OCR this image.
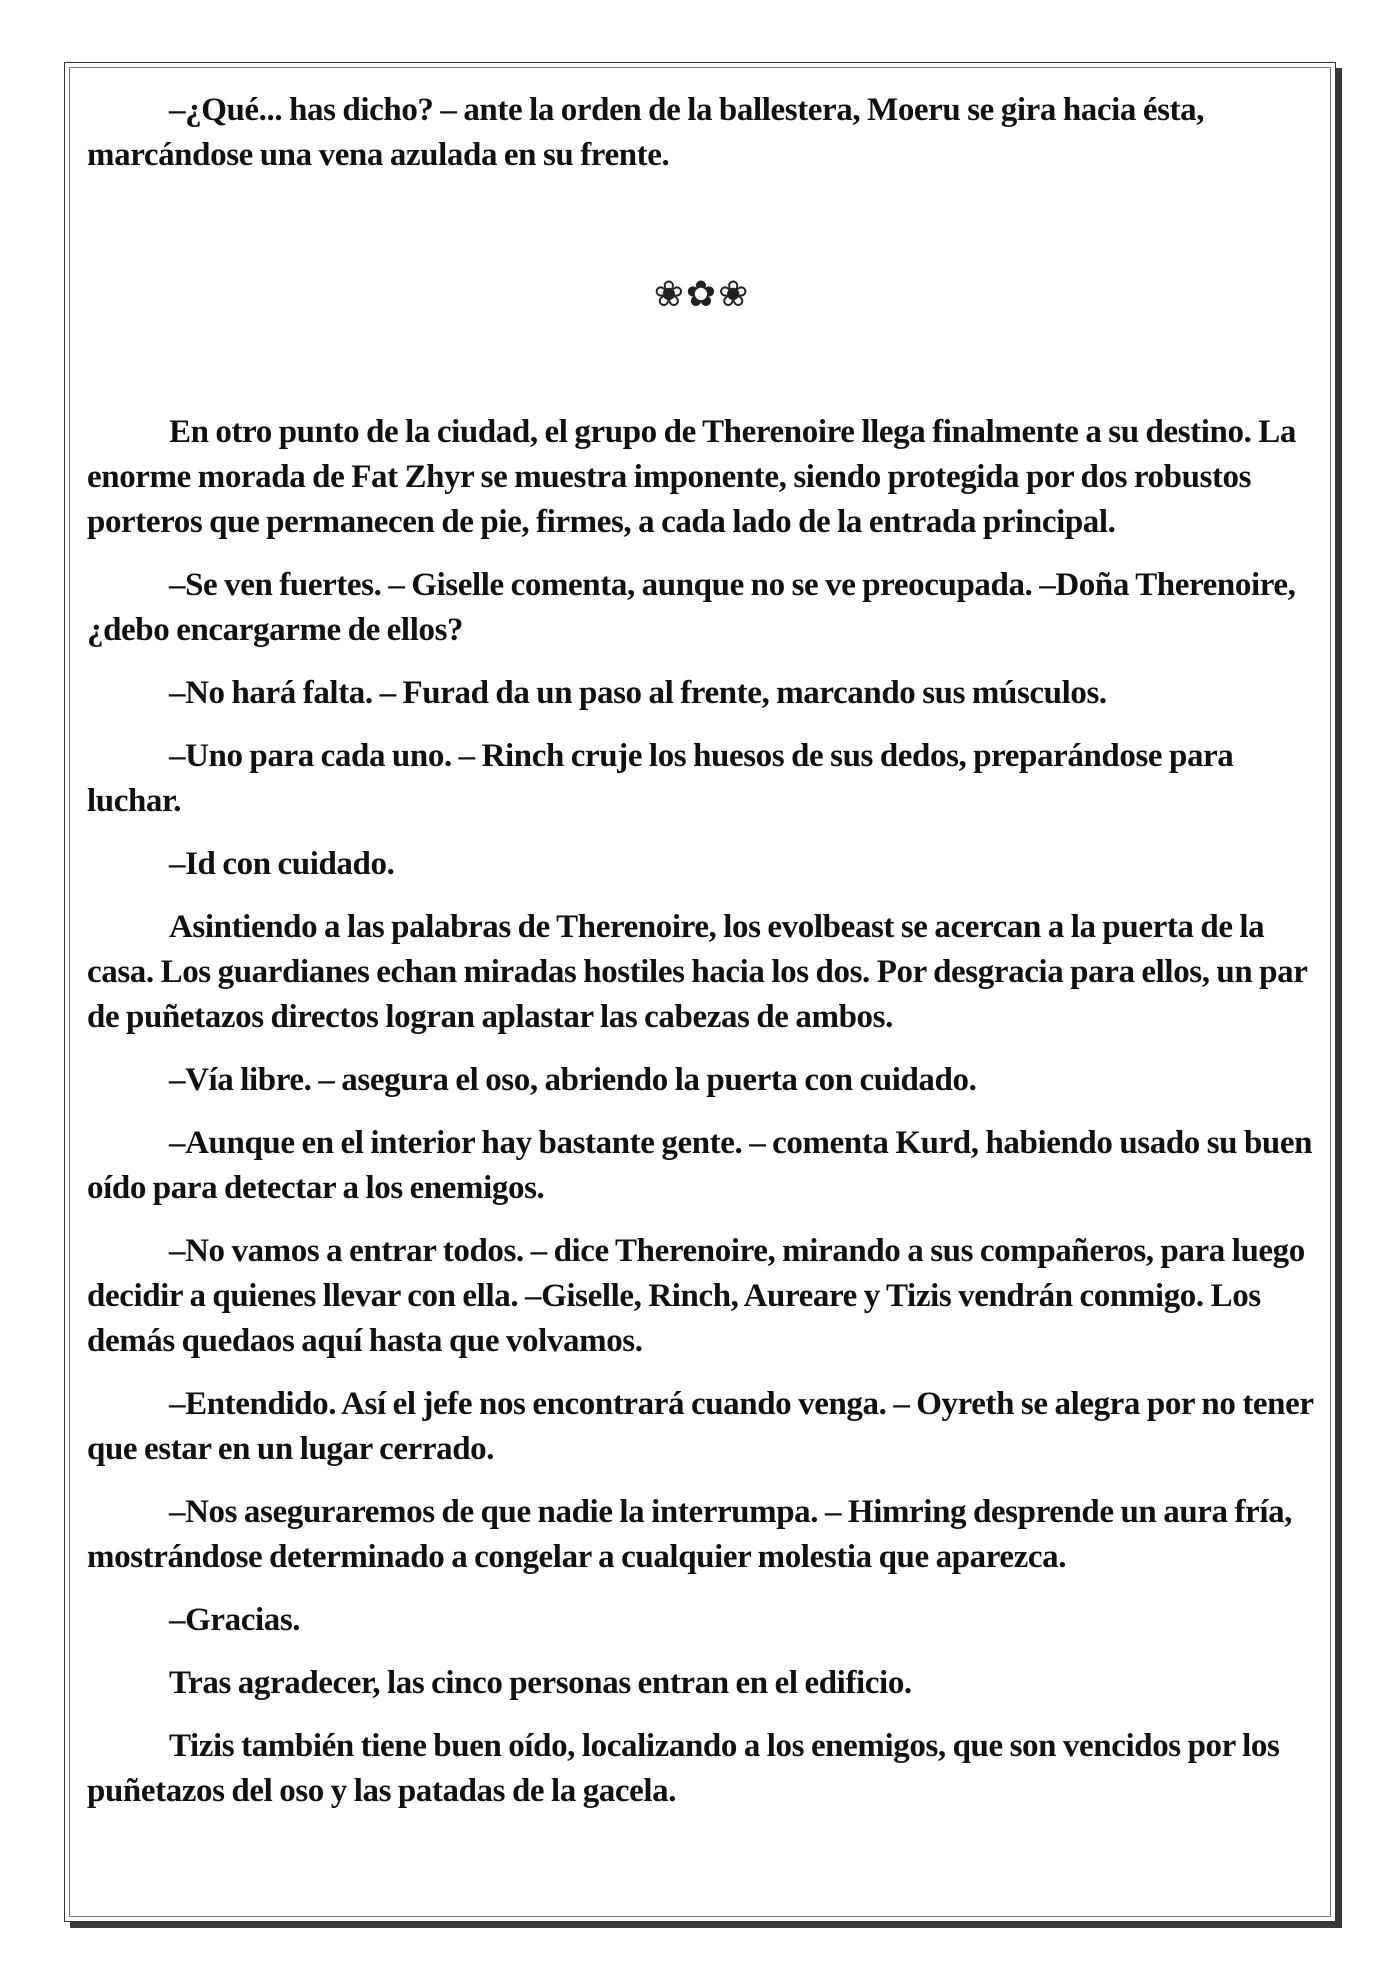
–¿Qué... has dicho? – ante la orden de la ballestera, Moeru se gira hacia ésta, marcándose una vena azulada en su frente.

❀✿❀

En otro punto de la ciudad, el grupo de Therenoire llega finalmente a su destino. La enorme morada de Fat Zhyr se muestra imponente, siendo protegida por dos robustos porteros que permanecen de pie, firmes, a cada lado de la entrada principal.

–Se ven fuertes. – Giselle comenta, aunque no se ve preocupada. –Doña Therenoire, ¿debo encargarme de ellos?

–No hará falta. – Furad da un paso al frente, marcando sus músculos.

–Uno para cada uno. – Rinch cruje los huesos de sus dedos, preparándose para luchar.

–Id con cuidado.

Asintiendo a las palabras de Therenoire, los evolbeast se acercan a la puerta de la casa. Los guardianes echan miradas hostiles hacia los dos. Por desgracia para ellos, un par de puñetazos directos logran aplastar las cabezas de ambos.

–Vía libre. – asegura el oso, abriendo la puerta con cuidado.

–Aunque en el interior hay bastante gente. – comenta Kurd, habiendo usado su buen oído para detectar a los enemigos.

–No vamos a entrar todos. – dice Therenoire, mirando a sus compañeros, para luego decidir a quienes llevar con ella. –Giselle, Rinch, Aureare y Tizis vendrán conmigo. Los demás quedaos aquí hasta que volvamos.

–Entendido. Así el jefe nos encontrará cuando venga. – Oyreth se alegra por no tener que estar en un lugar cerrado.

–Nos aseguraremos de que nadie la interrumpa. – Himring desprende un aura fría, mostrándose determinado a congelar a cualquier molestia que aparezca.

–Gracias.

Tras agradecer, las cinco personas entran en el edificio.

Tizis también tiene buen oído, localizando a los enemigos, que son vencidos por los puñetazos del oso y las patadas de la gacela.
